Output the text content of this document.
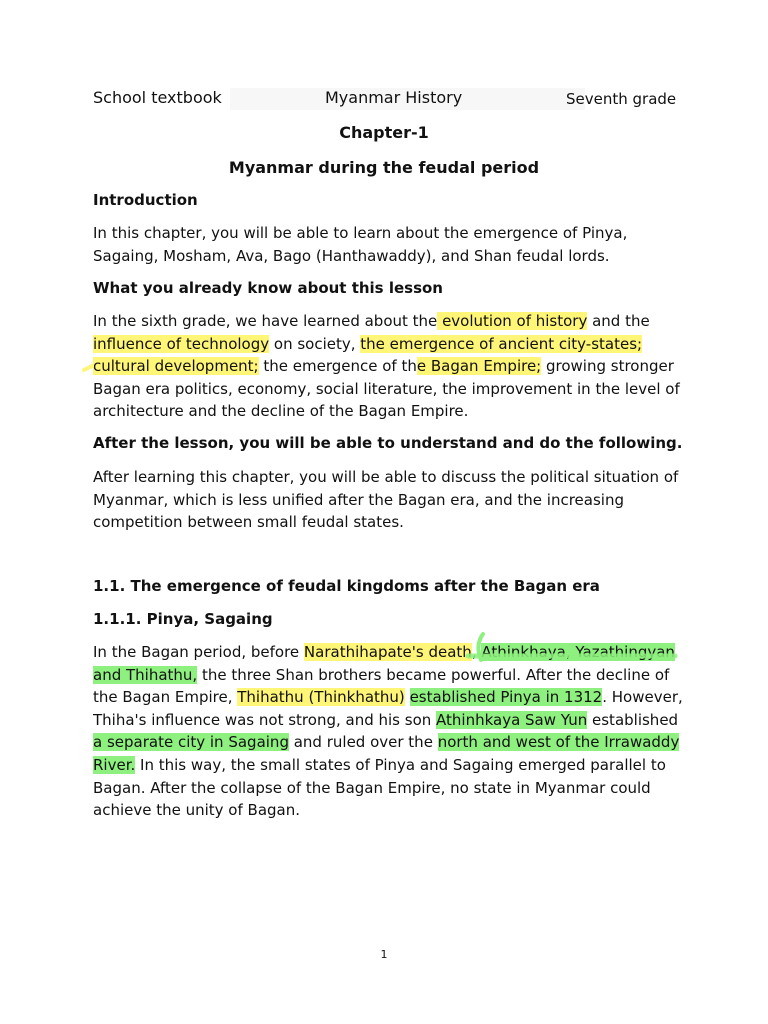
School textbook	Myanmar History	Seventh grade
Chapter-1
Myanmar during the feudal period
Introduction
In this chapter, you will be able to learn about the emergence of Pinya, Sagaing, Mosham, Ava, Bago (Hanthawaddy), and Shan feudal lords.
What you already know about this lesson
In the sixth grade, we have learned about the evolution of history and the influence of technology on society, the emergence of ancient city-states; cultural development; the emergence of the Bagan Empire; growing stronger Bagan era politics, economy, social literature, the improvement in the level of architecture and the decline of the Bagan Empire.
After the lesson, you will be able to understand and do the following.
After learning this chapter, you will be able to discuss the political situation of Myanmar, which is less unified after the Bagan era, and the increasing competition between small feudal states.
1.1. The emergence of feudal kingdoms after the Bagan era
1.1.1. Pinya, Sagaing
In the Bagan period, before Narathihapate's death, Athinkhaya, Yazathingyan and Thihathu, the three Shan brothers became powerful. After the decline of the Bagan Empire, Thihathu (Thinkhathu) established Pinya in 1312. However, Thiha's influence was not strong, and his son Athinhkaya Saw Yun established a separate city in Sagaing and ruled over the north and west of the Irrawaddy River. In this way, the small states of Pinya and Sagaing emerged parallel to Bagan. After the collapse of the Bagan Empire, no state in Myanmar could achieve the unity of Bagan.
1
